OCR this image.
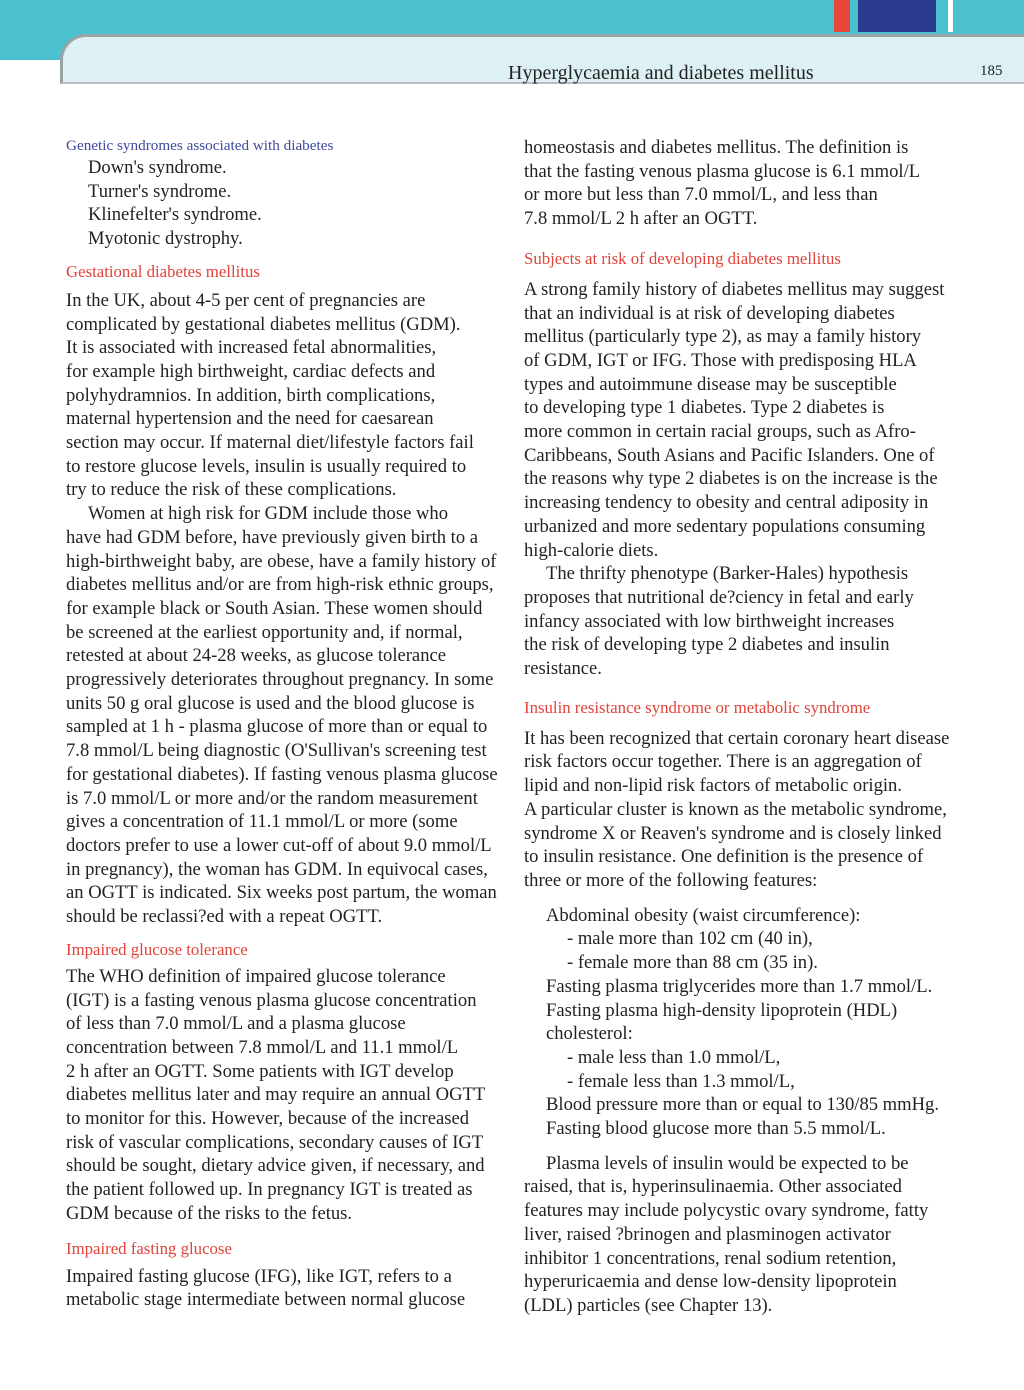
Hyperglycaemia and diabetes mellitus	185

Genetic syndromes associated with diabetes

Down's syndrome.
Turner's syndrome.
Klinefelter's syndrome.
Myotonic dystrophy.

Gestational diabetes mellitus

In the UK, about 4-5 per cent of pregnancies are
complicated by gestational diabetes mellitus (GDM).
It is associated with increased fetal abnormalities,
for example high birthweight, cardiac defects and
polyhydramnios. In addition, birth complications,
maternal hypertension and the need for caesarean
section may occur. If maternal diet/lifestyle factors fail
to restore glucose levels, insulin is usually required to
try to reduce the risk of these complications.
Women at high risk for GDM include those who
have had GDM before, have previously given birth to a
high-birthweight baby, are obese, have a family history of
diabetes mellitus and/or are from high-risk ethnic groups,
for example black or South Asian. These women should
be screened at the earliest opportunity and, if normal,
retested at about 24-28 weeks, as glucose tolerance
progressively deteriorates throughout pregnancy. In some
units 50 g oral glucose is used and the blood glucose is
sampled at 1 h - plasma glucose of more than or equal to
7.8 mmol/L being diagnostic (O'Sullivan's screening test
for gestational diabetes). If fasting venous plasma glucose
is 7.0 mmol/L or more and/or the random measurement
gives a concentration of 11.1 mmol/L or more (some
doctors prefer to use a lower cut-off of about 9.0 mmol/L
in pregnancy), the woman has GDM. In equivocal cases,
an OGTT is indicated. Six weeks post partum, the woman
should be reclassi?ed with a repeat OGTT.

Impaired glucose tolerance

The WHO definition of impaired glucose tolerance
(IGT) is a fasting venous plasma glucose concentration
of less than 7.0 mmol/L and a plasma glucose
concentration between 7.8 mmol/L and 11.1 mmol/L
2 h after an OGTT. Some patients with IGT develop
diabetes mellitus later and may require an annual OGTT
to monitor for this. However, because of the increased
risk of vascular complications, secondary causes of IGT
should be sought, dietary advice given, if necessary, and
the patient followed up. In pregnancy IGT is treated as
GDM because of the risks to the fetus.

Impaired fasting glucose

Impaired fasting glucose (IFG), like IGT, refers to a
metabolic stage intermediate between normal glucose
homeostasis and diabetes mellitus. The definition is
that the fasting venous plasma glucose is 6.1 mmol/L
or more but less than 7.0 mmol/L, and less than
7.8 mmol/L 2 h after an OGTT.

Subjects at risk of developing diabetes mellitus

A strong family history of diabetes mellitus may suggest
that an individual is at risk of developing diabetes
mellitus (particularly type 2), as may a family history
of GDM, IGT or IFG. Those with predisposing HLA
types and autoimmune disease may be susceptible
to developing type 1 diabetes. Type 2 diabetes is
more common in certain racial groups, such as Afro-
Caribbeans, South Asians and Pacific Islanders. One of
the reasons why type 2 diabetes is on the increase is the
increasing tendency to obesity and central adiposity in
urbanized and more sedentary populations consuming
high-calorie diets.
The thrifty phenotype (Barker-Hales) hypothesis
proposes that nutritional de?ciency in fetal and early
infancy associated with low birthweight increases
the risk of developing type 2 diabetes and insulin
resistance.

Insulin resistance syndrome or metabolic syndrome

It has been recognized that certain coronary heart disease
risk factors occur together. There is an aggregation of
lipid and non-lipid risk factors of metabolic origin.
A particular cluster is known as the metabolic syndrome,
syndrome X or Reaven's syndrome and is closely linked
to insulin resistance. One definition is the presence of
three or more of the following features:
Abdominal obesity (waist circumference):
- male more than 102 cm (40 in),
- female more than 88 cm (35 in).
Fasting plasma triglycerides more than 1.7 mmol/L.
Fasting plasma high-density lipoprotein (HDL)
cholesterol:
- male less than 1.0 mmol/L,
- female less than 1.3 mmol/L,
Blood pressure more than or equal to 130/85 mmHg.
Fasting blood glucose more than 5.5 mmol/L.
Plasma levels of insulin would be expected to be
raised, that is, hyperinsulinaemia. Other associated
features may include polycystic ovary syndrome, fatty
liver, raised ?brinogen and plasminogen activator
inhibitor 1 concentrations, renal sodium retention,
hyperuricaemia and dense low-density lipoprotein
(LDL) particles (see Chapter 13).
